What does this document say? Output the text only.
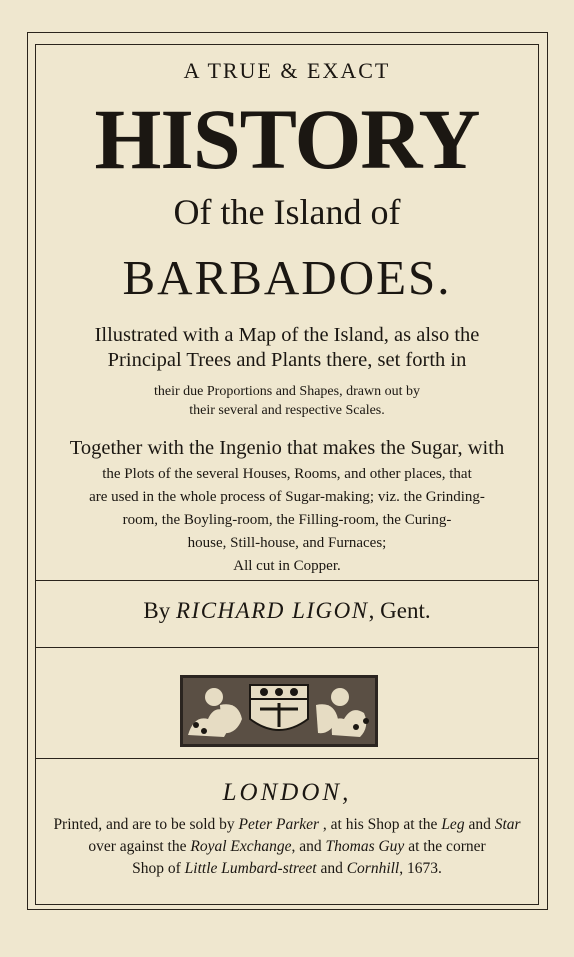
A TRUE & EXACT
HISTORY
Of the Island of
BARBADOES.
Illustrated with a Map of the Island, as also the
Principal Trees and Plants there, set forth in
their due Proportions and Shapes, drawn out by
their several and respective Scales.
Together with the Ingenio that makes the Sugar, with
the Plots of the several Houses, Rooms, and other places, that
are used in the whole process of Sugar-making; viz. the Grinding-
room, the Boyling-room, the Filling-room, the Curing-
house, Still-house, and Furnaces;
All cut in Copper.
By RICHARD LIGON, Gent.
LONDON,
Printed, and are to be sold by Peter Parker , at his Shop at the Leg and Star
over against the Royal Exchange, and Thomas Guy at the corner
Shop of Little Lumbard-street and Cornhill, 1673.
